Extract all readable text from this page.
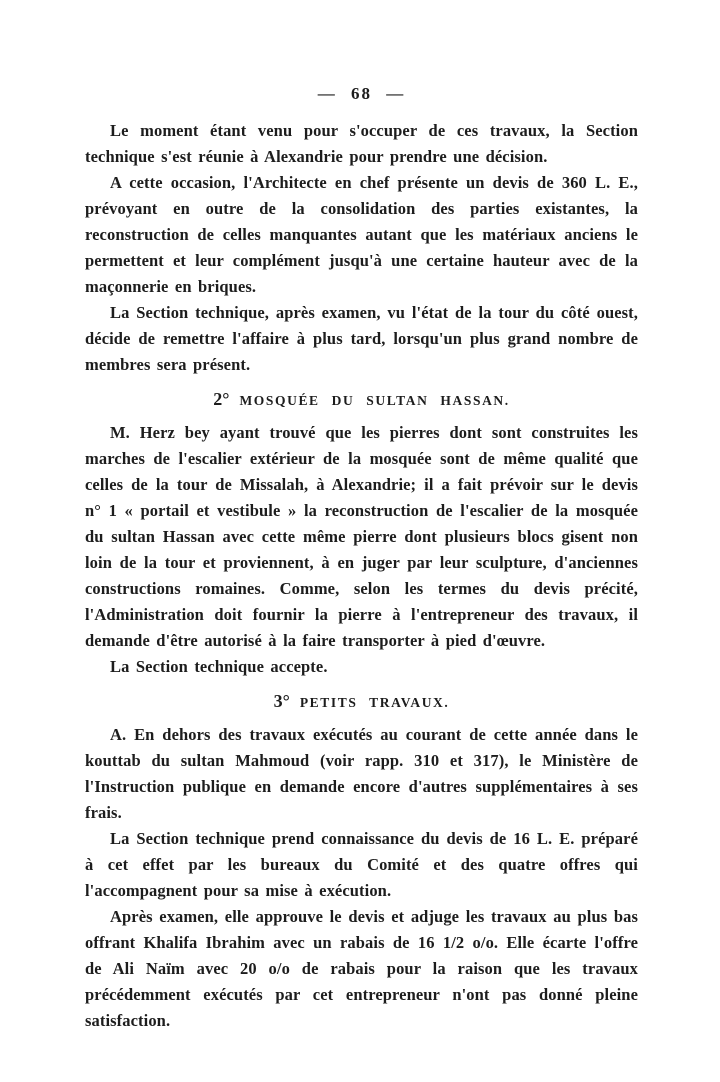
— 68 —

Le moment étant venu pour s'occuper de ces travaux, la Section technique s'est réunie à Alexandrie pour prendre une décision.

A cette occasion, l'Architecte en chef présente un devis de 360 L. E., prévoyant en outre de la consolidation des parties existantes, la reconstruction de celles manquantes autant que les matériaux anciens le permettent et leur complément jusqu'à une certaine hauteur avec de la maçonnerie en briques.

La Section technique, après examen, vu l'état de la tour du côté ouest, décide de remettre l'affaire à plus tard, lorsqu'un plus grand nombre de membres sera présent.

2° MOSQUÉE DU SULTAN HASSAN.

M. Herz bey ayant trouvé que les pierres dont sont construites les marches de l'escalier extérieur de la mosquée sont de même qualité que celles de la tour de Missalah, à Alexandrie; il a fait prévoir sur le devis n° 1 « portail et vestibule » la reconstruction de l'escalier de la mosquée du sultan Hassan avec cette même pierre dont plusieurs blocs gisent non loin de la tour et proviennent, à en juger par leur sculpture, d'anciennes constructions romaines. Comme, selon les termes du devis précité, l'Administration doit fournir la pierre à l'entrepreneur des travaux, il demande d'être autorisé à la faire transporter à pied d'œuvre.

La Section technique accepte.

3° PETITS TRAVAUX.

A. En dehors des travaux exécutés au courant de cette année dans le kouttab du sultan Mahmoud (voir rapp. 310 et 317), le Ministère de l'Instruction publique en demande encore d'autres supplémentaires à ses frais.

La Section technique prend connaissance du devis de 16 L. E. préparé à cet effet par les bureaux du Comité et des quatre offres qui l'accompagnent pour sa mise à exécution.

Après examen, elle approuve le devis et adjuge les travaux au plus bas offrant Khalifa Ibrahim avec un rabais de 16 1/2 o/o. Elle écarte l'offre de Ali Naïm avec 20 o/o de rabais pour la raison que les travaux précédemment exécutés par cet entrepreneur n'ont pas donné pleine satisfaction.
